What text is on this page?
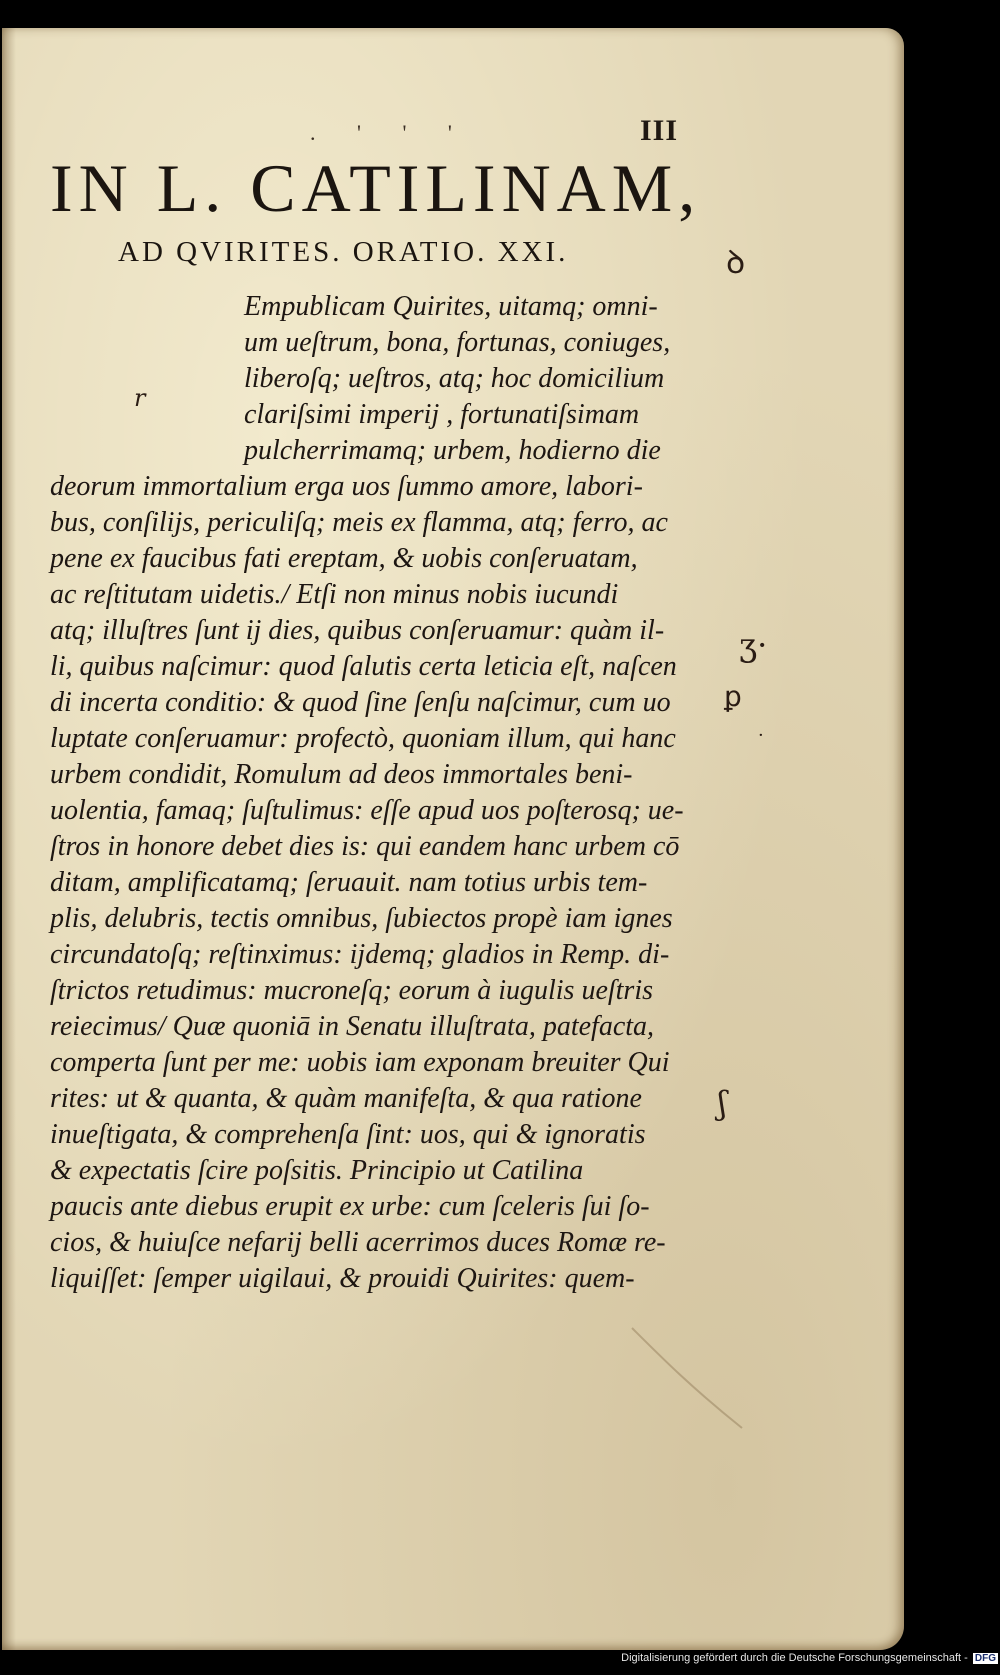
. ' ' '	III
IN L. CATILINAM,
AD QVIRITES. ORATIO. XXI.
r
ꝺ
ʒ·
ꝑ
·
ʃ
Empublicam Quirites, uitamq; omni-
um ueſtrum, bona, fortunas, coniuges,
liberoſq; ueſtros, atq; hoc domicilium
clariſsimi imperij , fortunatiſsimam
pulcherrimamq; urbem, hodierno die
deorum immortalium erga uos ſummo amore, labori-
bus, conſilijs, periculiſq; meis ex flamma, atq; ferro, ac
pene ex faucibus fati ereptam, & uobis conſeruatam,
ac reſtitutam uidetis./ Etſi non minus nobis iucundi
atq; illuſtres ſunt ij dies, quibus conſeruamur: quàm il-
li, quibus naſcimur: quod ſalutis certa leticia eſt, naſcen
di incerta conditio: & quod ſine ſenſu naſcimur, cum uo
luptate conſeruamur: profectò, quoniam illum, qui hanc
urbem condidit, Romulum ad deos immortales beni-
uolentia, famaq; ſuſtulimus: eſſe apud uos poſterosq; ue-
ſtros in honore debet dies is: qui eandem hanc urbem cō
ditam, amplificatamq; ſeruauit. nam totius urbis tem-
plis, delubris, tectis omnibus, ſubiectos propè iam ignes
circundatoſq; reſtinximus: ijdemq; gladios in Remp. di-
ſtrictos retudimus: mucroneſq; eorum à iugulis ueſtris
reiecimus/ Quæ quoniā in Senatu illuſtrata, patefacta,
comperta ſunt per me: uobis iam exponam breuiter Qui
rites: ut & quanta, & quàm manifeſta, & qua ratione
inueſtigata, & comprehenſa ſint: uos, qui & ignoratis
& expectatis ſcire poſsitis. Principio ut Catilina
paucis ante diebus erupit ex urbe: cum ſceleris ſui ſo-
cios, & huiuſce nefarij belli acerrimos duces Romæ re-
liquiſſet: ſemper uigilaui, & prouidi Quirites: quem-
Digitalisierung gefördert durch die Deutsche Forschungsgemeinschaft - DFG
